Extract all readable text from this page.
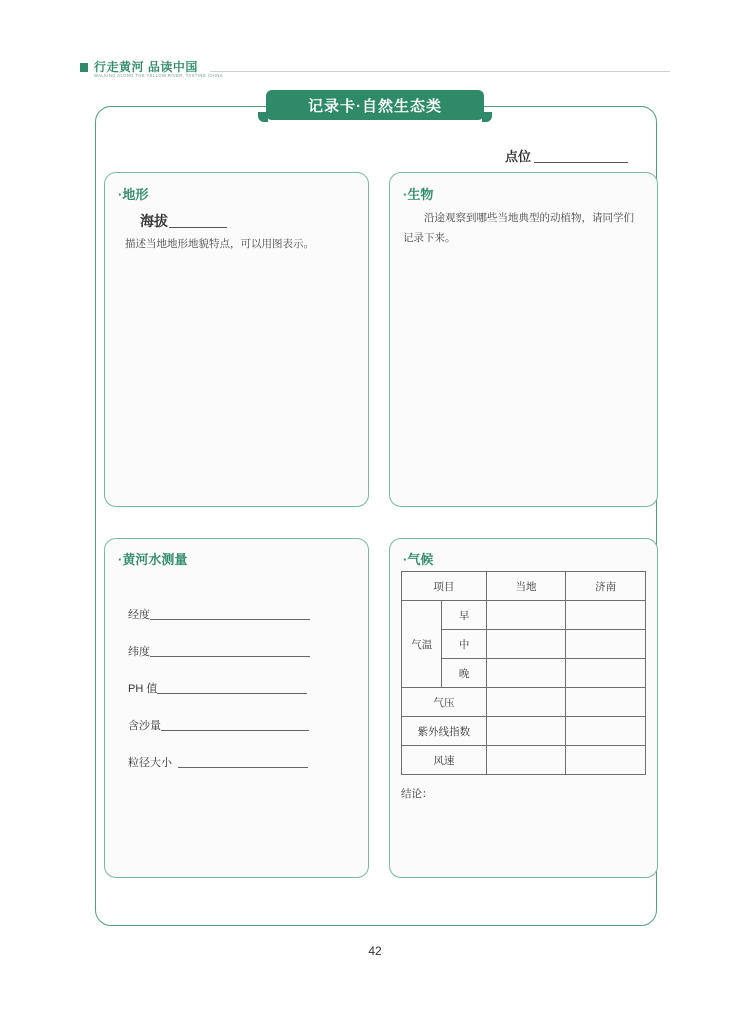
行走黄河 品读中国
WALKING ALONG THE YELLOW RIVER, TASTING CHINA
记录卡·自然生态类
点位
·地形
海拔
描述当地地形地貌特点，可以用图表示。
·生物
沿途观察到哪些当地典型的动植物，请同学们记录下来。
·黄河水测量
经度
纬度
PH 值
含沙量
粒径大小
·气候
项目		当地	济南
气温	早		
	中		
	晚		
气压			
紫外线指数			
风速			
结论：
42
